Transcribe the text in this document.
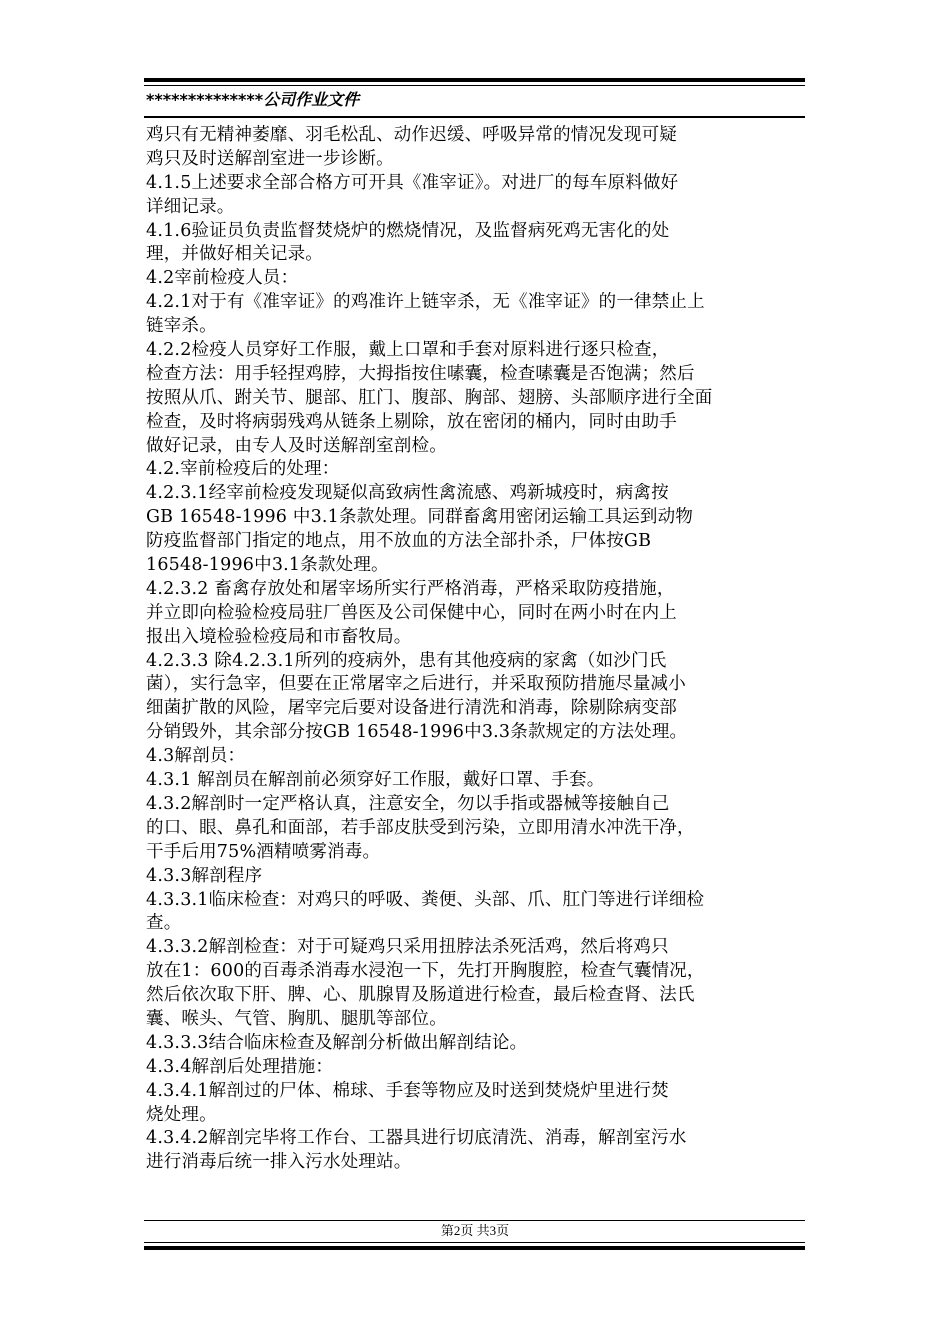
**************公司作业文件
鸡只有无精神萎靡、羽毛松乱、动作迟缓、呼吸异常的情况发现可疑
鸡只及时送解剖室进一步诊断。
4.1.5上述要求全部合格方可开具《准宰证》。对进厂的每车原料做好
详细记录。
4.1.6验证员负责监督焚烧炉的燃烧情况，及监督病死鸡无害化的处
理，并做好相关记录。
4.2宰前检疫人员：
4.2.1对于有《准宰证》的鸡准许上链宰杀，无《准宰证》的一律禁止上
链宰杀。
4.2.2检疫人员穿好工作服，戴上口罩和手套对原料进行逐只检查，
检查方法：用手轻捏鸡脖，大拇指按住嗉囊，检查嗉囊是否饱满；然后
按照从爪、跗关节、腿部、肛门、腹部、胸部、翅膀、头部顺序进行全面
检查，及时将病弱残鸡从链条上剔除，放在密闭的桶内，同时由助手
做好记录，由专人及时送解剖室剖检。
4.2.宰前检疫后的处理：
4.2.3.1经宰前检疫发现疑似高致病性禽流感、鸡新城疫时，病禽按
GB 16548-1996 中3.1条款处理。同群畜禽用密闭运输工具运到动物
防疫监督部门指定的地点，用不放血的方法全部扑杀，尸体按GB
16548-1996中3.1条款处理。
4.2.3.2 畜禽存放处和屠宰场所实行严格消毒，严格采取防疫措施，
并立即向检验检疫局驻厂兽医及公司保健中心，同时在两小时在内上
报出入境检验检疫局和市畜牧局。
4.2.3.3 除4.2.3.1所列的疫病外，患有其他疫病的家禽（如沙门氏
菌），实行急宰，但要在正常屠宰之后进行，并采取预防措施尽量减小
细菌扩散的风险，屠宰完后要对设备进行清洗和消毒，除剔除病变部
分销毁外，其余部分按GB 16548-1996中3.3条款规定的方法处理。
4.3解剖员：
4.3.1 解剖员在解剖前必须穿好工作服，戴好口罩、手套。
4.3.2解剖时一定严格认真，注意安全，勿以手指或器械等接触自己
的口、眼、鼻孔和面部，若手部皮肤受到污染，立即用清水冲洗干净，
干手后用75%酒精喷雾消毒。
4.3.3解剖程序
4.3.3.1临床检查：对鸡只的呼吸、粪便、头部、爪、肛门等进行详细检
查。
4.3.3.2解剖检查：对于可疑鸡只采用扭脖法杀死活鸡，然后将鸡只
放在1：600的百毒杀消毒水浸泡一下，先打开胸腹腔，检查气囊情况，
然后依次取下肝、脾、心、肌腺胃及肠道进行检查，最后检查肾、法氏
囊、喉头、气管、胸肌、腿肌等部位。
4.3.3.3结合临床检查及解剖分析做出解剖结论。
4.3.4解剖后处理措施：
4.3.4.1解剖过的尸体、棉球、手套等物应及时送到焚烧炉里进行焚
烧处理。
4.3.4.2解剖完毕将工作台、工器具进行切底清洗、消毒，解剖室污水
进行消毒后统一排入污水处理站。
第2页 共3页
